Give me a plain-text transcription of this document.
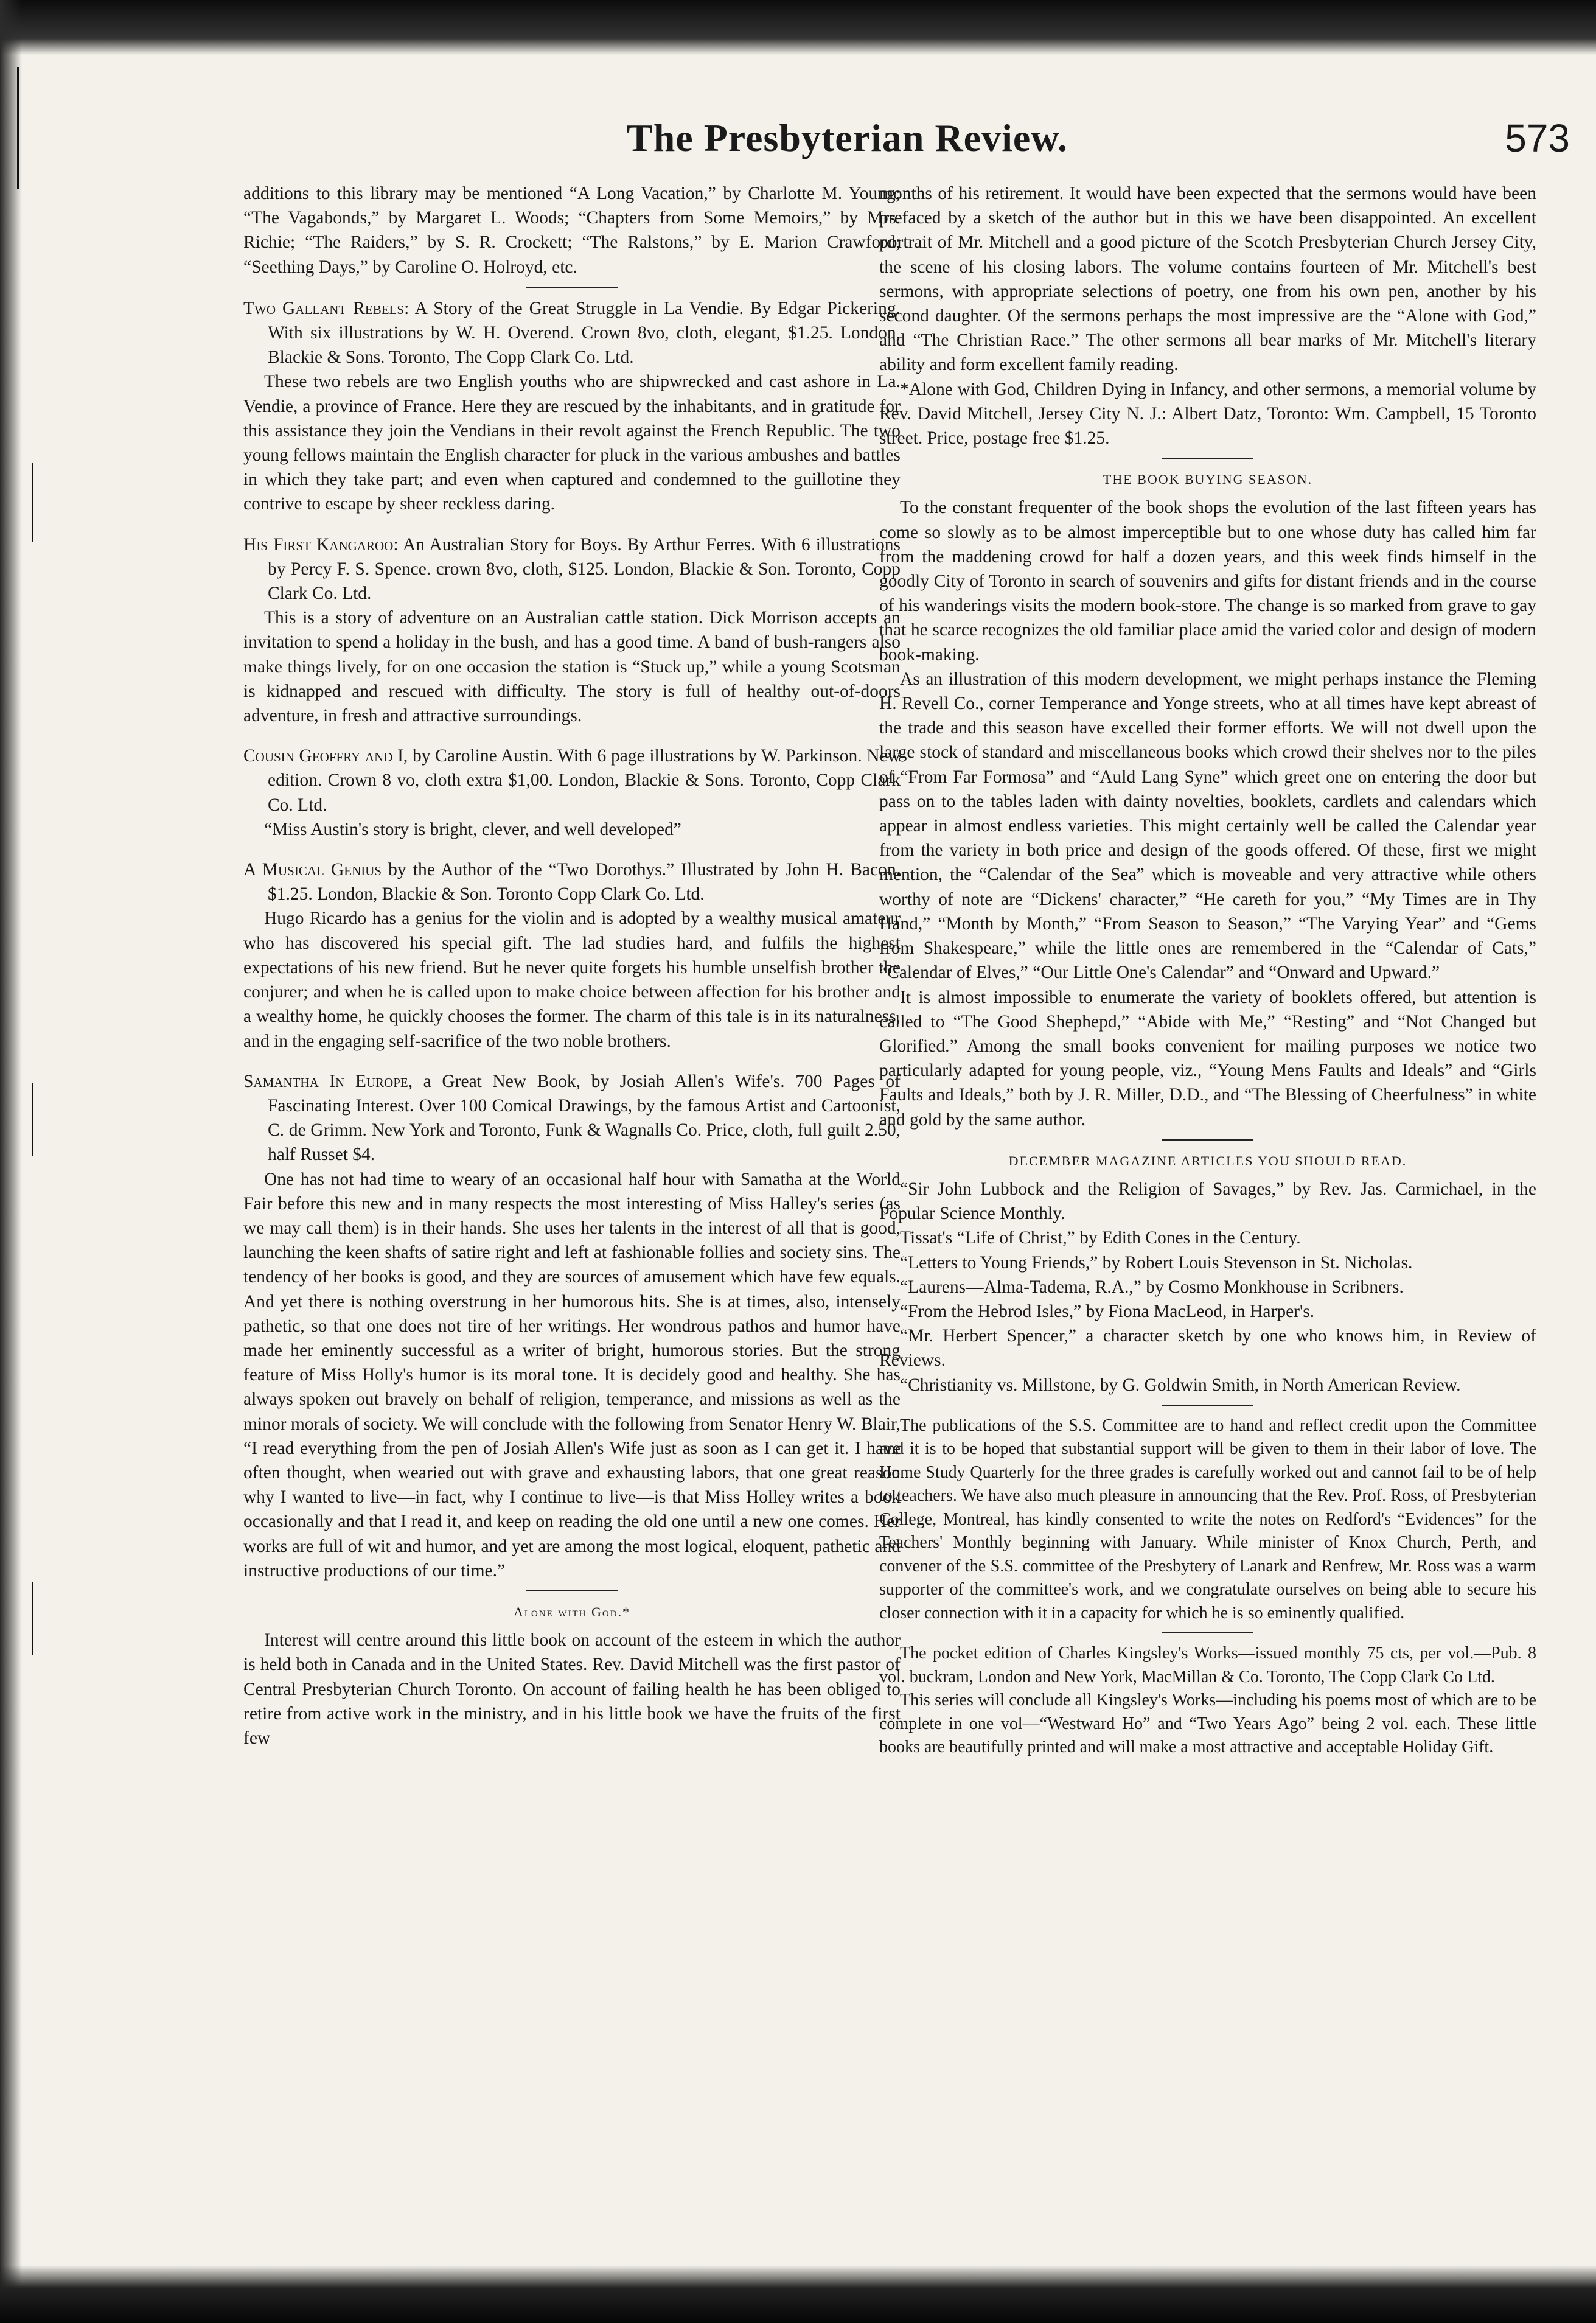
The Presbyterian Review.	573

additions to this library may be mentioned “A Long Vacation,” by Charlotte M. Young; “The Vagabonds,” by Margaret L. Woods; “Chapters from Some Memoirs,” by Mrs. Richie; “The Raiders,” by S. R. Crockett; “The Ralstons,” by E. Marion Crawford; “Seething Days,” by Caroline O. Holroyd, etc.

Two Gallant Rebels: A Story of the Great Struggle in La Vendie. By Edgar Pickering. With six illustrations by W. H. Overend. Crown 8vo, cloth, elegant, $1.25. London, Blackie & Sons. Toronto, The Copp Clark Co. Ltd.

These two rebels are two English youths who are shipwrecked and cast ashore in La. Vendie, a province of France. Here they are rescued by the inhabitants, and in gratitude for this assistance they join the Vendians in their revolt against the French Republic. The two young fellows maintain the English character for pluck in the various ambushes and battles in which they take part; and even when captured and condemned to the guillotine they contrive to escape by sheer reckless daring.

His First Kangaroo: An Australian Story for Boys. By Arthur Ferres. With 6 illustrations by Percy F. S. Spence. crown 8vo, cloth, $125. London, Blackie & Son. Toronto, Copp Clark Co. Ltd.

This is a story of adventure on an Australian cattle station. Dick Morrison accepts an invitation to spend a holiday in the bush, and has a good time. A band of bush-rangers also make things lively, for on one occasion the station is “Stuck up,” while a young Scotsman is kidnapped and rescued with difficulty. The story is full of healthy out-of-doors adventure, in fresh and attractive surroundings.

Cousin Geoffry and I, by Caroline Austin. With 6 page illustrations by W. Parkinson. New edition. Crown 8 vo, cloth extra $1,00. London, Blackie & Sons. Toronto, Copp Clark Co. Ltd.

“Miss Austin's story is bright, clever, and well developed”

A Musical Genius by the Author of the “Two Dorothys.” Illustrated by John H. Bacon. $1.25. London, Blackie & Son. Toronto Copp Clark Co. Ltd.

Hugo Ricardo has a genius for the violin and is adopted by a wealthy musical amateur who has discovered his special gift. The lad studies hard, and fulfils the highest expectations of his new friend. But he never quite forgets his humble unselfish brother the conjurer; and when he is called upon to make choice between affection for his brother and a wealthy home, he quickly chooses the former. The charm of this tale is in its naturalness, and in the engaging self-sacrifice of the two noble brothers.

Samantha In Europe, a Great New Book, by Josiah Allen's Wife's. 700 Pages of Fascinating Interest. Over 100 Comical Drawings, by the famous Artist and Cartoonist, C. de Grimm. New York and Toronto, Funk & Wagnalls Co. Price, cloth, full guilt 2.50, half Russet $4.

One has not had time to weary of an occasional half hour with Samatha at the World Fair before this new and in many respects the most interesting of Miss Halley's series (as we may call them) is in their hands. She uses her talents in the interest of all that is good, launching the keen shafts of satire right and left at fashionable follies and society sins. The tendency of her books is good, and they are sources of amusement which have few equals. And yet there is nothing overstrung in her humorous hits. She is at times, also, intensely pathetic, so that one does not tire of her writings. Her wondrous pathos and humor have made her eminently successful as a writer of bright, humorous stories. But the strong feature of Miss Holly's humor is its moral tone. It is decidely good and healthy. She has always spoken out bravely on behalf of religion, temperance, and missions as well as the minor morals of society. We will conclude with the following from Senator Henry W. Blair, “I read everything from the pen of Josiah Allen's Wife just as soon as I can get it. I have often thought, when wearied out with grave and exhausting labors, that one great reason why I wanted to live—in fact, why I continue to live—is that Miss Holley writes a book occasionally and that I read it, and keep on reading the old one until a new one comes. Her works are full of wit and humor, and yet are among the most logical, eloquent, pathetic and instructive productions of our time.”

Alone with God.*

Interest will centre around this little book on account of the esteem in which the author is held both in Canada and in the United States. Rev. David Mitchell was the first pastor of Central Presbyterian Church Toronto. On account of failing health he has been obliged to retire from active work in the ministry, and in his little book we have the fruits of the first few

months of his retirement. It would have been expected that the sermons would have been prefaced by a sketch of the author but in this we have been disappointed. An excellent portrait of Mr. Mitchell and a good picture of the Scotch Presbyterian Church Jersey City, the scene of his closing labors. The volume contains fourteen of Mr. Mitchell's best sermons, with appropriate selections of poetry, one from his own pen, another by his second daughter. Of the sermons perhaps the most impressive are the “Alone with God,” and “The Christian Race.” The other sermons all bear marks of Mr. Mitchell's literary ability and form excellent family reading.

*Alone with God, Children Dying in Infancy, and other sermons, a memorial volume by Rev. David Mitchell, Jersey City N. J.: Albert Datz, Toronto: Wm. Campbell, 15 Toronto street. Price, postage free $1.25.

THE BOOK BUYING SEASON.

To the constant frequenter of the book shops the evolution of the last fifteen years has come so slowly as to be almost imperceptible but to one whose duty has called him far from the maddening crowd for half a dozen years, and this week finds himself in the goodly City of Toronto in search of souvenirs and gifts for distant friends and in the course of his wanderings visits the modern book-store. The change is so marked from grave to gay that he scarce recognizes the old familiar place amid the varied color and design of modern book-making.

As an illustration of this modern development, we might perhaps instance the Fleming H. Revell Co., corner Temperance and Yonge streets, who at all times have kept abreast of the trade and this season have excelled their former efforts. We will not dwell upon the large stock of standard and miscellaneous books which crowd their shelves nor to the piles of “From Far Formosa” and “Auld Lang Syne” which greet one on entering the door but pass on to the tables laden with dainty novelties, booklets, cardlets and calendars which appear in almost endless varieties. This might certainly well be called the Calendar year from the variety in both price and design of the goods offered. Of these, first we might mention, the “Calendar of the Sea” which is moveable and very attractive while others worthy of note are “Dickens' character,” “He careth for you,” “My Times are in Thy Hand,” “Month by Month,” “From Season to Season,” “The Varying Year” and “Gems from Shakespeare,” while the little ones are remembered in the “Calendar of Cats,” “Calendar of Elves,” “Our Little One's Calendar” and “Onward and Upward.”

It is almost impossible to enumerate the variety of booklets offered, but attention is called to “The Good Shephepd,” “Abide with Me,” “Resting” and “Not Changed but Glorified.” Among the small books convenient for mailing purposes we notice two particularly adapted for young people, viz., “Young Mens Faults and Ideals” and “Girls Faults and Ideals,” both by J. R. Miller, D.D., and “The Blessing of Cheerfulness” in white and gold by the same author.

DECEMBER MAGAZINE ARTICLES YOU SHOULD READ.

“Sir John Lubbock and the Religion of Savages,” by Rev. Jas. Carmichael, in the Popular Science Monthly.

Tissat's “Life of Christ,” by Edith Cones in the Century.

“Letters to Young Friends,” by Robert Louis Stevenson in St. Nicholas.

“Laurens—Alma-Tadema, R.A.,” by Cosmo Monkhouse in Scribners.

“From the Hebrod Isles,” by Fiona MacLeod, in Harper's.

“Mr. Herbert Spencer,” a character sketch by one who knows him, in Review of Reviews.

“Christianity vs. Millstone, by G. Goldwin Smith, in North American Review.

The publications of the S.S. Committee are to hand and reflect credit upon the Committee and it is to be hoped that substantial support will be given to them in their labor of love. The Home Study Quarterly for the three grades is carefully worked out and cannot fail to be of help to teachers. We have also much pleasure in announcing that the Rev. Prof. Ross, of Presbyterian College, Montreal, has kindly consented to write the notes on Redford's “Evidences” for the Teachers' Monthly beginning with January. While minister of Knox Church, Perth, and convener of the S.S. committee of the Presbytery of Lanark and Renfrew, Mr. Ross was a warm supporter of the committee's work, and we congratulate ourselves on being able to secure his closer connection with it in a capacity for which he is so eminently qualified.

The pocket edition of Charles Kingsley's Works—issued monthly 75 cts, per vol.—Pub. 8 vol. buckram, London and New York, MacMillan & Co. Toronto, The Copp Clark Co Ltd.

This series will conclude all Kingsley's Works—including his poems most of which are to be complete in one vol—“Westward Ho” and “Two Years Ago” being 2 vol. each. These little books are beautifully printed and will make a most attractive and acceptable Holiday Gift.
